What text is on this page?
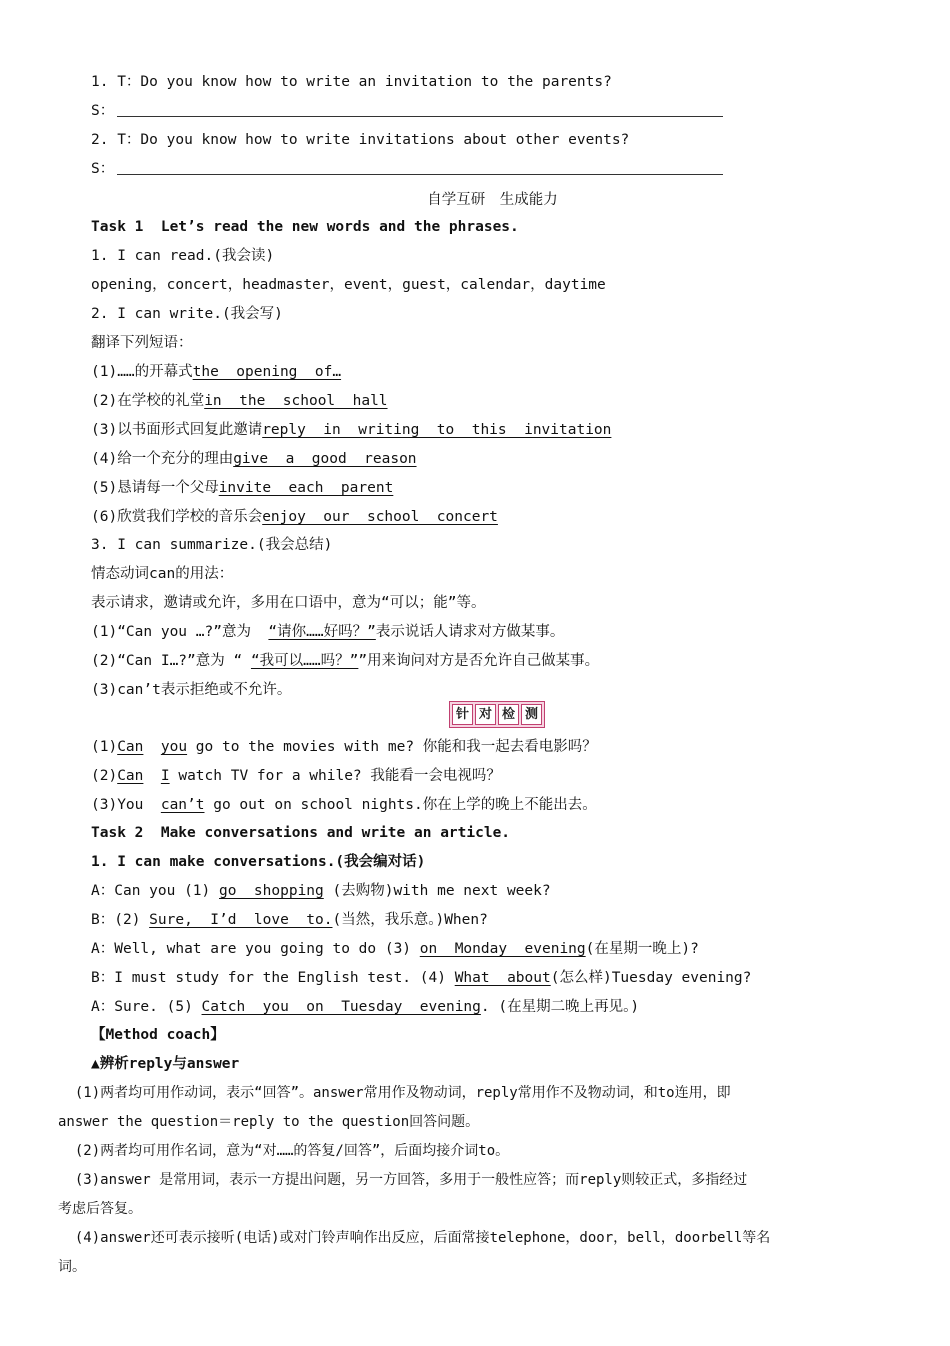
1. T：Do you know how to write an invitation to the parents?
S：
2. T：Do you know how to write invitations about other events?
S：
自学互研　生成能力
Task 1  Let’s read the new words and the phrases.
1. I can read.(我会读)
opening，concert，headmaster，event，guest，calendar，daytime
2. I can write.(我会写)
翻译下列短语：
(1)……的开幕式the  opening  of…
(2)在学校的礼堂in  the  school  hall
(3)以书面形式回复此邀请reply  in  writing  to  this  invitation
(4)给一个充分的理由give  a  good  reason
(5)恳请每一个父母invite  each  parent
(6)欣赏我们学校的音乐会enjoy  our  school  concert
3. I can summarize.(我会总结)
情态动词can的用法：
表示请求，邀请或允许，多用在口语中，意为“可以；能”等。
(1)“Can you …?”意为  “请你……好吗？”表示说话人请求对方做某事。
(2)“Can I…?”意为 “ “我可以……吗？””用来询问对方是否允许自己做某事。
(3)can’t表示拒绝或不允许。
针 对 检 测
(1)Can you go to the movies with me? 你能和我一起去看电影吗？
(2)Can I watch TV for a while? 我能看一会电视吗？
(3)You  can’t go out on school nights.你在上学的晚上不能出去。
Task 2  Make conversations and write an article.
1. I can make conversations.(我会编对话)
A：Can you (1) go  shopping (去购物)with me next week?
B：(2) Sure,  I’d  love  to.(当然，我乐意。)When?
A：Well, what are you going to do (3) on  Monday  evening(在星期一晚上)?
B：I must study for the English test. (4) What  about(怎么样)Tuesday evening?
A：Sure. (5) Catch  you  on  Tuesday  evening. (在星期二晚上再见。)
【Method coach】
▲辨析reply与answer
(1)两者均可用作动词，表示“回答”。answer常用作及物动词，reply常用作不及物动词，和to连用，即
answer the question＝reply to the question回答问题。
(2)两者均可用作名词，意为“对……的答复/回答”，后面均接介词to。
(3)answer 是常用词，表示一方提出问题，另一方回答，多用于一般性应答；而reply则较正式，多指经过
考虑后答复。
(4)answer还可表示接听(电话)或对门铃声响作出反应，后面常接telephone，door，bell，doorbell等名
词。
